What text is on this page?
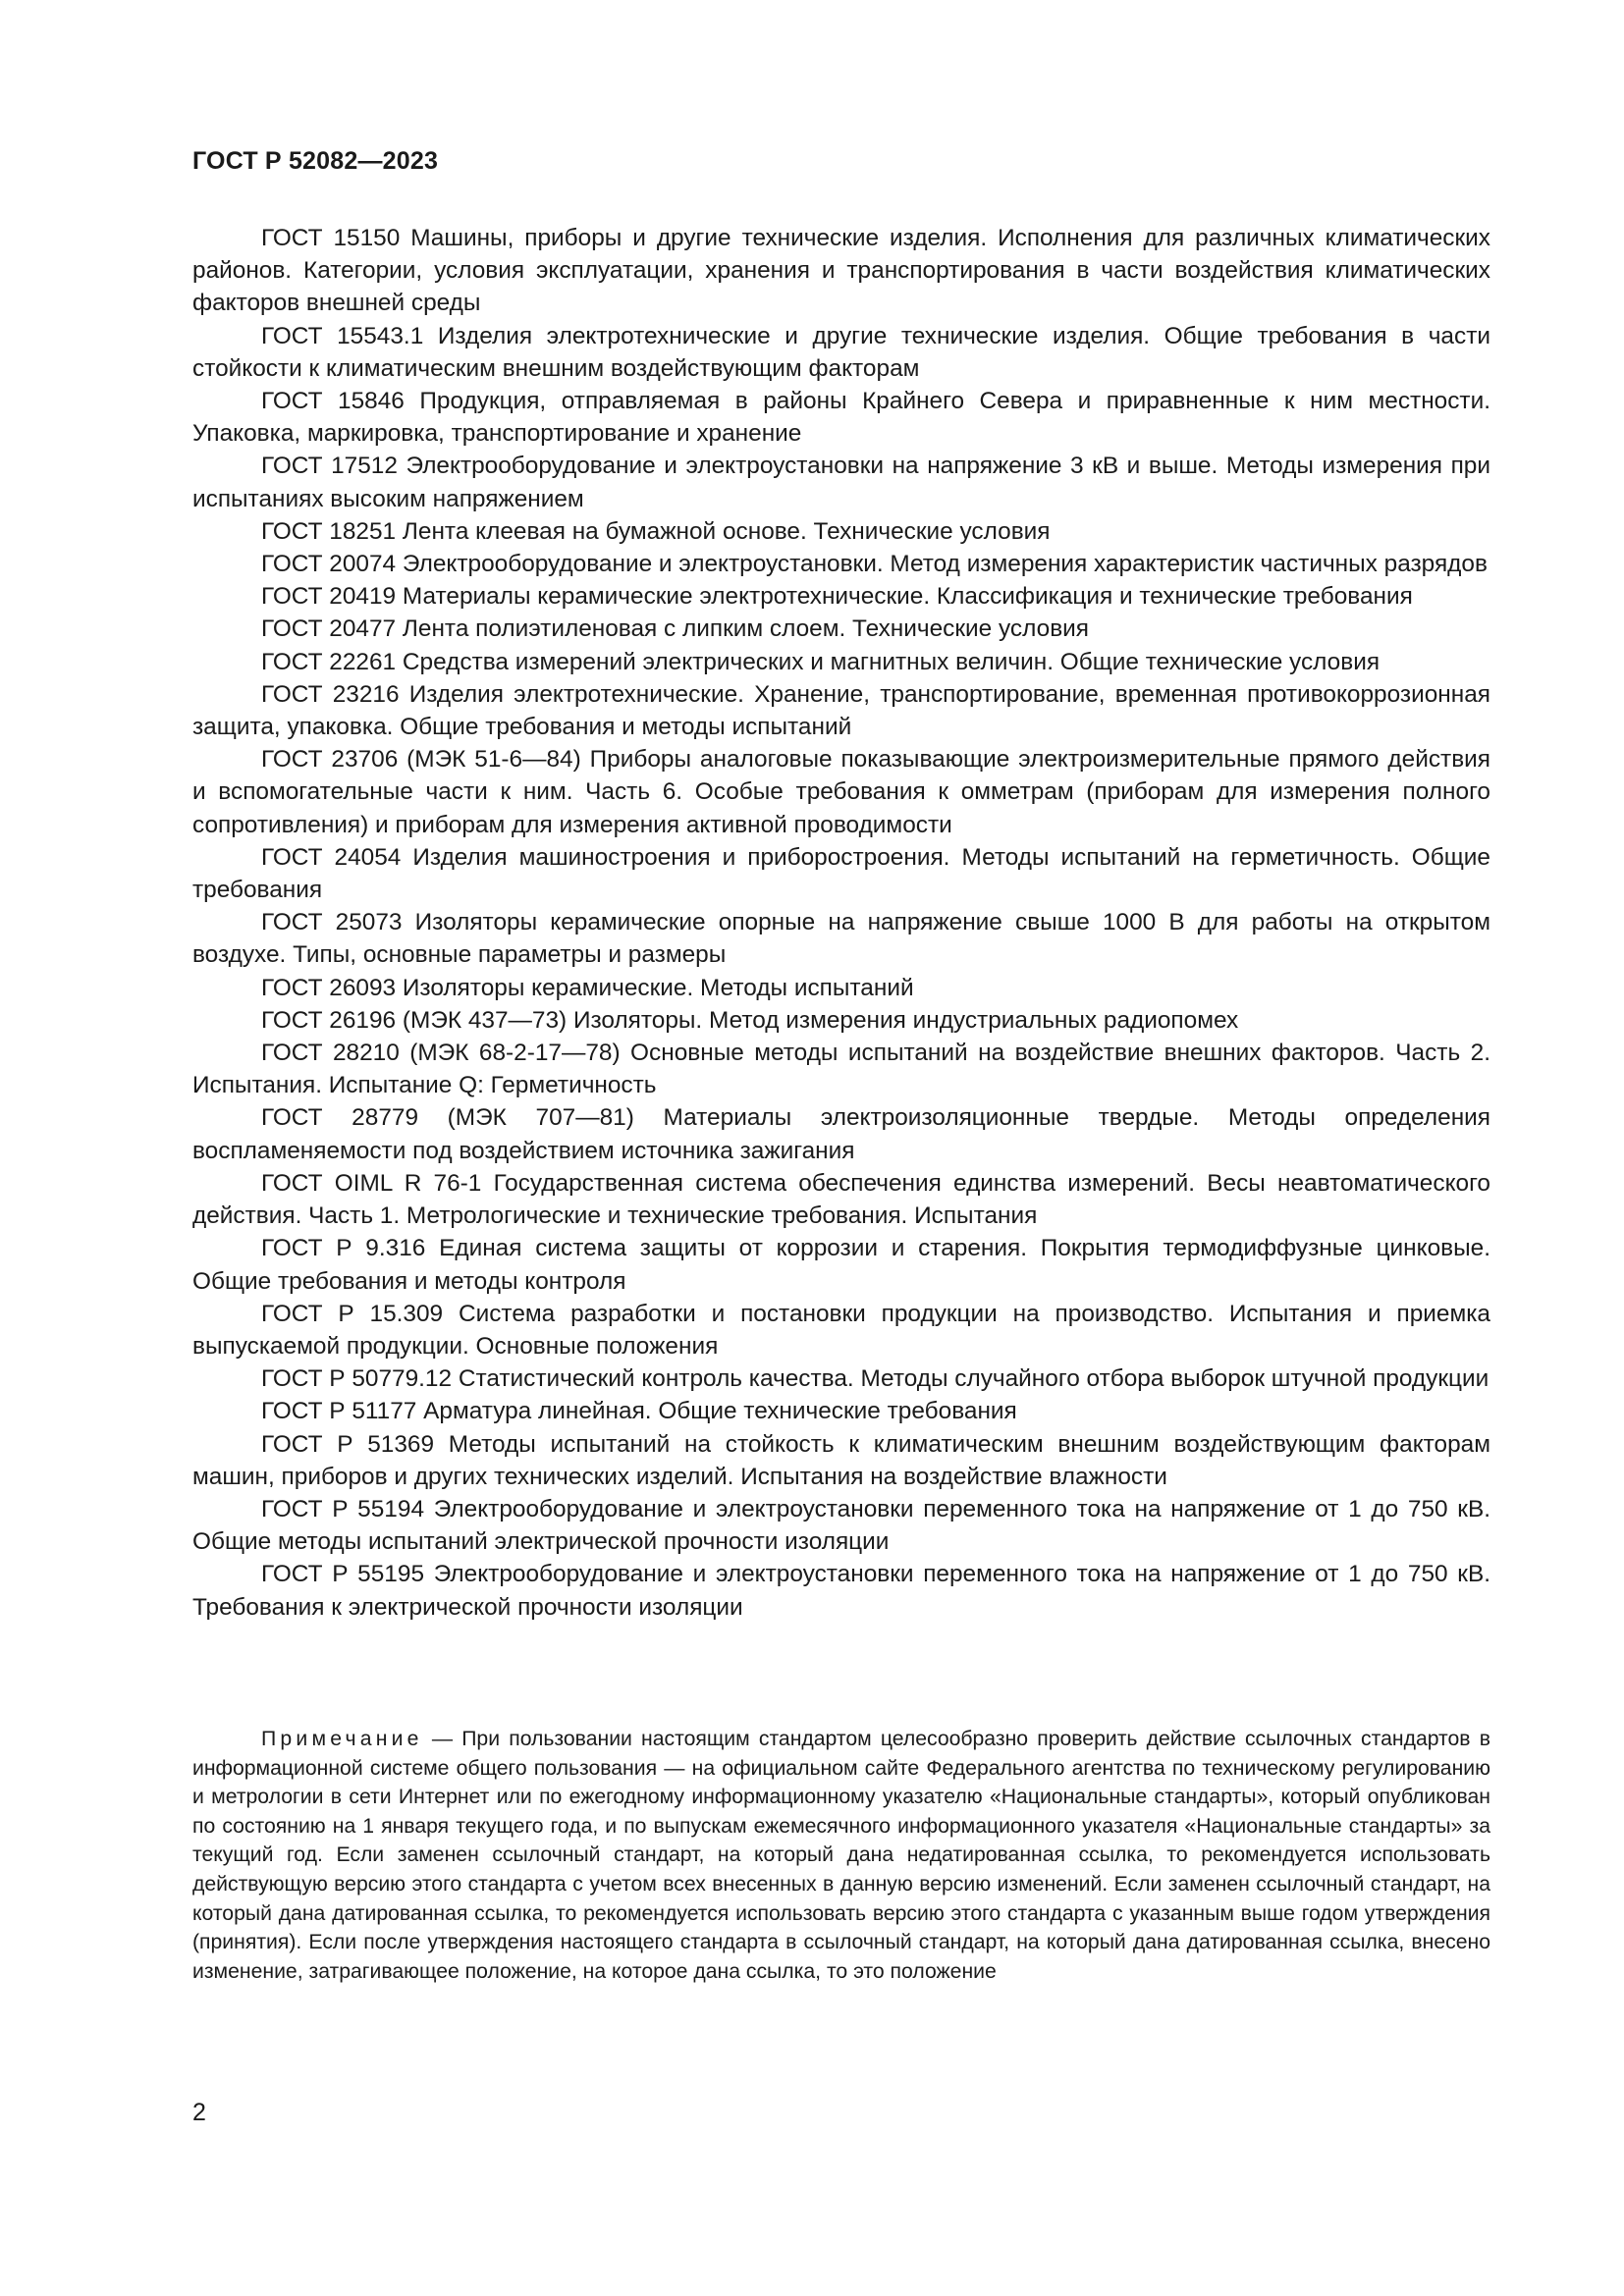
ГОСТ Р 52082—2023

ГОСТ 15150 Машины, приборы и другие технические изделия. Исполнения для различных климатических районов. Категории, условия эксплуатации, хранения и транспортирования в части воздействия климатических факторов внешней среды

ГОСТ 15543.1 Изделия электротехнические и другие технические изделия. Общие требования в части стойкости к климатическим внешним воздействующим факторам

ГОСТ 15846 Продукция, отправляемая в районы Крайнего Севера и приравненные к ним местности. Упаковка, маркировка, транспортирование и хранение

ГОСТ 17512 Электрооборудование и электроустановки на напряжение 3 кВ и выше. Методы измерения при испытаниях высоким напряжением

ГОСТ 18251 Лента клеевая на бумажной основе. Технические условия

ГОСТ 20074 Электрооборудование и электроустановки. Метод измерения характеристик частичных разрядов

ГОСТ 20419 Материалы керамические электротехнические. Классификация и технические требования

ГОСТ 20477 Лента полиэтиленовая с липким слоем. Технические условия

ГОСТ 22261 Средства измерений электрических и магнитных величин. Общие технические условия

ГОСТ 23216 Изделия электротехнические. Хранение, транспортирование, временная противокоррозионная защита, упаковка. Общие требования и методы испытаний

ГОСТ 23706 (МЭК 51-6—84) Приборы аналоговые показывающие электроизмерительные прямого действия и вспомогательные части к ним. Часть 6. Особые требования к омметрам (приборам для измерения полного сопротивления) и приборам для измерения активной проводимости

ГОСТ 24054 Изделия машиностроения и приборостроения. Методы испытаний на герметичность. Общие требования

ГОСТ 25073 Изоляторы керамические опорные на напряжение свыше 1000 В для работы на открытом воздухе. Типы, основные параметры и размеры

ГОСТ 26093 Изоляторы керамические. Методы испытаний

ГОСТ 26196 (МЭК 437—73) Изоляторы. Метод измерения индустриальных радиопомех

ГОСТ 28210 (МЭК 68-2-17—78) Основные методы испытаний на воздействие внешних факторов. Часть 2. Испытания. Испытание Q: Герметичность

ГОСТ 28779 (МЭК 707—81) Материалы электроизоляционные твердые. Методы определения воспламеняемости под воздействием источника зажигания

ГОСТ OIML R 76-1 Государственная система обеспечения единства измерений. Весы неавтоматического действия. Часть 1. Метрологические и технические требования. Испытания

ГОСТ Р 9.316 Единая система защиты от коррозии и старения. Покрытия термодиффузные цинковые. Общие требования и методы контроля

ГОСТ Р 15.309 Система разработки и постановки продукции на производство. Испытания и приемка выпускаемой продукции. Основные положения

ГОСТ Р 50779.12 Статистический контроль качества. Методы случайного отбора выборок штучной продукции

ГОСТ Р 51177 Арматура линейная. Общие технические требования

ГОСТ Р 51369 Методы испытаний на стойкость к климатическим внешним воздействующим факторам машин, приборов и других технических изделий. Испытания на воздействие влажности

ГОСТ Р 55194 Электрооборудование и электроустановки переменного тока на напряжение от 1 до 750 кВ. Общие методы испытаний электрической прочности изоляции

ГОСТ Р 55195 Электрооборудование и электроустановки переменного тока на напряжение от 1 до 750 кВ. Требования к электрической прочности изоляции

Примечание — При пользовании настоящим стандартом целесообразно проверить действие ссылочных стандартов в информационной системе общего пользования — на официальном сайте Федерального агентства по техническому регулированию и метрологии в сети Интернет или по ежегодному информационному указателю «Национальные стандарты», который опубликован по состоянию на 1 января текущего года, и по выпускам ежемесячного информационного указателя «Национальные стандарты» за текущий год. Если заменен ссылочный стандарт, на который дана недатированная ссылка, то рекомендуется использовать действующую версию этого стандарта с учетом всех внесенных в данную версию изменений. Если заменен ссылочный стандарт, на который дана датированная ссылка, то рекомендуется использовать версию этого стандарта с указанным выше годом утверждения (принятия). Если после утверждения настоящего стандарта в ссылочный стандарт, на который дана датированная ссылка, внесено изменение, затрагивающее положение, на которое дана ссылка, то это положение

2
